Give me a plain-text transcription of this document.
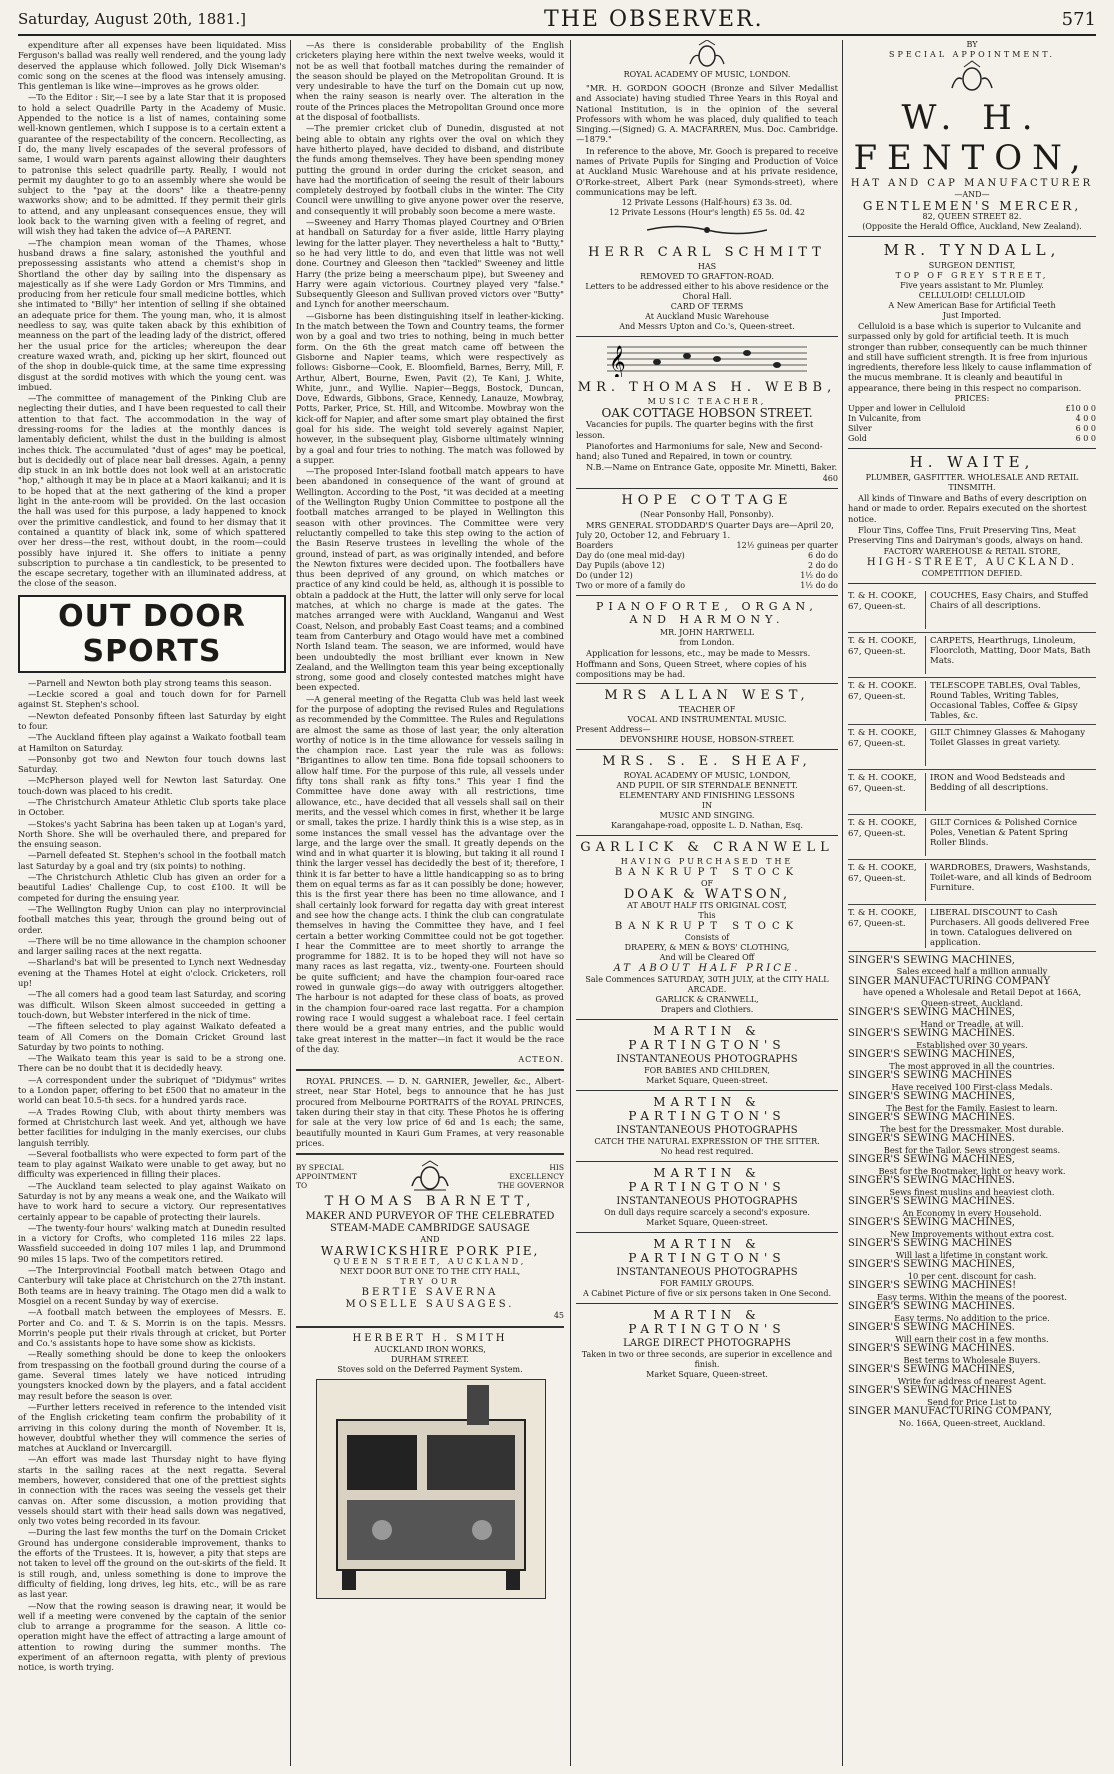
Saturday, August 20th, 1881.]	THE OBSERVER.	571

expenditure after all expenses have been liquidated. Miss Ferguson's ballad was really well rendered, and the young lady deserved the applause which followed. Jolly Dick Wiseman's comic song on the scenes at the flood was intensely amusing. This gentleman is like wine—improves as he grows older.

—To the Editor : Sir,—I see by a late Star that it is proposed to hold a select Quadrille Party in the Academy of Music. Appended to the notice is a list of names, containing some well-known gentlemen, which I suppose is to a certain extent a guarantee of the respectability of the concern. Recollecting, as I do, the many lively escapades of the several professors of same, I would warn parents against allowing their daughters to patronise this select quadrille party. Really, I would not permit my daughter to go to an assembly where she would be subject to the "pay at the doors" like a theatre-penny waxworks show; and to be admitted. If they permit their girls to attend, and any unpleasant consequences ensue, they will look back to the warning given with a feeling of regret, and will wish they had taken the advice of—A PARENT.

—The champion mean woman of the Thames, whose husband draws a fine salary, astonished the youthful and prepossessing assistants who attend a chemist's shop in Shortland the other day by sailing into the dispensary as majestically as if she were Lady Gordon or Mrs Timmins, and producing from her reticule four small medicine bottles, which she intimated to "Billy" her intention of selling if she obtained an adequate price for them. The young man, who, it is almost needless to say, was quite taken aback by this exhibition of meanness on the part of the leading lady of the district, offered her the usual price for the articles; whereupon the dear creature waxed wrath, and, picking up her skirt, flounced out of the shop in double-quick time, at the same time expressing disgust at the sordid motives with which the young cent. was imbued.

—The committee of management of the Pinking Club are neglecting their duties, and I have been requested to call their attention to that fact. The accommodation in the way of dressing-rooms for the ladies at the monthly dances is lamentably deficient, whilst the dust in the building is almost inches thick. The accumulated "dust of ages" may be poetical, but is decidedly out of place near ball dresses. Again, a penny dip stuck in an ink bottle does not look well at an aristocratic "hop," although it may be in place at a Maori kaikanui; and it is to be hoped that at the next gathering of the kind a proper light in the ante-room will be provided. On the last occasion the hall was used for this purpose, a lady happened to knock over the primitive candlestick, and found to her dismay that it contained a quantity of black ink, some of which spattered over her dress—the rest, without doubt, in the room—could possibly have injured it. She offers to initiate a penny subscription to purchase a tin candlestick, to be presented to the escape secretary, together with an illuminated address, at the close of the season.

OUT DOOR SPORTS

—Parnell and Newton both play strong teams this season.

—Leckie scored a goal and touch down for for Parnell against St. Stephen's school.

—Newton defeated Ponsonby fifteen last Saturday by eight to four.

—The Auckland fifteen play against a Waikato football team at Hamilton on Saturday.

—Ponsonby got two and Newton four touch downs last Saturday.

—McPherson played well for Newton last Saturday. One touch-down was placed to his credit.

—The Christchurch Amateur Athletic Club sports take place in October.

—Stokes's yacht Sabrina has been taken up at Logan's yard, North Shore. She will be overhauled there, and prepared for the ensuing season.

—Parnell defeated St. Stephen's school in the football match last Saturday by a goal and try (six points) to nothing.

—The Christchurch Athletic Club has given an order for a beautiful Ladies' Challenge Cup, to cost £100. It will be competed for during the ensuing year.

—The Wellington Rugby Union can play no interprovincial football matches this year, through the ground being out of order.

—There will be no time allowance in the champion schooner and larger sailing races at the next regatta.

—Sharland's bat will be presented to Lynch next Wednesday evening at the Thames Hotel at eight o'clock. Cricketers, roll up!

—The all comers had a good team last Saturday, and scoring was difficult. Wilson Skeen almost succeeded in getting a touch-down, but Webster interfered in the nick of time.

—The fifteen selected to play against Waikato defeated a team of All Comers on the Domain Cricket Ground last Saturday by two points to nothing.

—The Waikato team this year is said to be a strong one. There can be no doubt that it is decidedly heavy.

—A correspondent under the subriquet of "Didymus" writes to a London paper, offering to bet £500 that no amateur in the world can beat 10.5-th secs. for a hundred yards race.

—A Trades Rowing Club, with about thirty members was formed at Christchurch last week. And yet, although we have better facilities for indulging in the manly exercises, our clubs languish terribly.

—Several footballists who were expected to form part of the team to play against Waikato were unable to get away, but no difficulty was experienced in filling their places.

—The Auckland team selected to play against Waikato on Saturday is not by any means a weak one, and the Waikato will have to work hard to secure a victory. Our representatives certainly appear to be capable of protecting their laurels.

—The twenty-four hours' walking match at Dunedin resulted in a victory for Crofts, who completed 116 miles 22 laps. Wassfield succeeded in doing 107 miles 1 lap, and Drummond 90 miles 15 laps. Two of the competitors retired.

—The Interprovincial Football match between Otago and Canterbury will take place at Christchurch on the 27th instant. Both teams are in heavy training. The Otago men did a walk to Mosgiel on a recent Sunday by way of exercise.

—A football match between the employees of Messrs. E. Porter and Co. and T. & S. Morrin is on the tapis. Messrs. Morrin's people put their rivals through at cricket, but Porter and Co.'s assistants hope to have some show as kickists.

—Really something should be done to keep the onlookers from trespassing on the football ground during the course of a game. Several times lately we have noticed intruding youngsters knocked down by the players, and a fatal accident may result before the season is over.

—Further letters received in reference to the intended visit of the English cricketing team confirm the probability of it arriving in this colony during the month of November. It is, however, doubtful whether they will commence the series of matches at Auckland or Invercargill.

—An effort was made last Thursday night to have flying starts in the sailing races at the next regatta. Several members, however, considered that one of the prettiest sights in connection with the races was seeing the vessels get their canvas on. After some discussion, a motion providing that vessels should start with their head sails down was negatived, only two votes being recorded in its favour.

—During the last few months the turf on the Domain Cricket Ground has undergone considerable improvement, thanks to the efforts of the Trustees. It is, however, a pity that steps are not taken to level off the ground on the out-skirts of the field. It is still rough, and, unless something is done to improve the difficulty of fielding, long drives, leg hits, etc., will be as rare as last year.

—Now that the rowing season is drawing near, it would be well if a meeting were convened by the captain of the senior club to arrange a programme for the season. A little co-operation might have the effect of attracting a large amount of attention to rowing during the summer months. The experiment of an afternoon regatta, with plenty of previous notice, is worth trying.

—As there is considerable probability of the English cricketers playing here within the next twelve weeks, would it not be as well that football matches during the remainder of the season should be played on the Metropolitan Ground. It is very undesirable to have the turf on the Domain cut up now, when the rainy season is nearly over. The alteration in the route of the Princes places the Metropolitan Ground once more at the disposal of footballists.

—The premier cricket club of Dunedin, disgusted at not being able to obtain any rights over the oval on which they have hitherto played, have decided to disband, and distribute the funds among themselves. They have been spending money putting the ground in order during the cricket season, and have had the mortification of seeing the result of their labours completely destroyed by football clubs in the winter. The City Council were unwilling to give anyone power over the reserve, and consequently it will probably soon become a mere waste.

—Sweeney and Harry Thomas played Courtney and O'Brien at handball on Saturday for a fiver aside, little Harry playing lewing for the latter player. They nevertheless a halt to "Butty," so he had very little to do, and even that little was not well done. Courtney and Gleeson then "tackled" Sweeney and little Harry (the prize being a meerschaum pipe), but Sweeney and Harry were again victorious. Courtney played very "false." Subsequently Gleeson and Sullivan proved victors over "Butty" and Lynch for another meerschaum.

—Gisborne has been distinguishing itself in leather-kicking. In the match between the Town and Country teams, the former won by a goal and two tries to nothing, being in much better form. On the 6th the great match came off between the Gisborne and Napier teams, which were respectively as follows: Gisborne—Cook, E. Bloomfield, Barnes, Berry, Mill, F. Arthur, Albert, Bourne, Ewen, Pavit (2), Te Kani, J. White, White, junr., and Wyllie. Napier—Beggs, Bostock, Duncan, Dove, Edwards, Gibbons, Grace, Kennedy, Lanauze, Mowbray, Potts, Parker, Price, St. Hill, and Witcombe. Mowbray won the kick-off for Napier, and after some smart play obtained the first goal for his side. The weight told severely against Napier, however, in the subsequent play, Gisborne ultimately winning by a goal and four tries to nothing. The match was followed by a supper.

—The proposed Inter-Island football match appears to have been abandoned in consequence of the want of ground at Wellington. According to the Post, "it was decided at a meeting of the Wellington Rugby Union Committee to postpone all the football matches arranged to be played in Wellington this season with other provinces. The Committee were very reluctantly compelled to take this step owing to the action of the Basin Reserve trustees in levelling the whole of the ground, instead of part, as was originally intended, and before the Newton fixtures were decided upon. The footballers have thus been deprived of any ground, on which matches or practice of any kind could be held, as, although it is possible to obtain a paddock at the Hutt, the latter will only serve for local matches, at which no charge is made at the gates. The matches arranged were with Auckland, Wanganui and West Coast, Nelson, and probably East Coast teams; and a combined team from Canterbury and Otago would have met a combined North Island team. The season, we are informed, would have been undoubtedly the most brilliant ever known in New Zealand, and the Wellington team this year being exceptionally strong, some good and closely contested matches might have been expected.

—A general meeting of the Regatta Club was held last week for the purpose of adopting the revised Rules and Regulations as recommended by the Committee. The Rules and Regulations are almost the same as those of last year, the only alteration worthy of notice is in the time allowance for vessels sailing in the champion race. Last year the rule was as follows: "Brigantines to allow ten time. Bona fide topsail schooners to allow half time. For the purpose of this rule, all vessels under fifty tons shall rank as fifty tons." This year I find the Committee have done away with all restrictions, time allowance, etc., have decided that all vessels shall sail on their merits, and the vessel which comes in first, whether it be large or small, takes the prize. I hardly think this is a wise step, as in some instances the small vessel has the advantage over the large, and the large over the small. It greatly depends on the wind and in what quarter it is blowing, but taking it all round I think the larger vessel has decidedly the best of it; therefore, I think it is far better to have a little handicapping so as to bring them on equal terms as far as it can possibly be done; however, this is the first year there has been no time allowance, and I shall certainly look forward for regatta day with great interest and see how the change acts. I think the club can congratulate themselves in having the Committee they have, and I feel certain a better working Committee could not be got together. I hear the Committee are to meet shortly to arrange the programme for 1882. It is to be hoped they will not have so many races as last regatta, viz., twenty-one. Fourteen should be quite sufficient; and have the champion four-oared race rowed in gunwale gigs—do away with outriggers altogether. The harbour is not adapted for these class of boats, as proved in the champion four-oared race last regatta. For a champion rowing race I would suggest a whaleboat race. I feel certain there would be a great many entries, and the public would take great interest in the matter—in fact it would be the race of the day.

ACTEON.

ROYAL PRINCES. — D. N. GARNIER, Jeweller, &c., Albert-street, near Star Hotel, begs to announce that he has just procured from Melbourne PORTRAITS of the ROYAL PRINCES, taken during their stay in that city. These Photos he is offering for sale at the very low price of 6d and 1s each; the same, beautifully mounted in Kauri Gum Frames, at very reasonable prices.

BY SPECIAL APPOINTMENT TO
HIS EXCELLENCY THE GOVERNOR
THOMAS BARNETT,
MAKER AND PURVEYOR OF THE CELEBRATED
STEAM-MADE CAMBRIDGE SAUSAGE
AND
WARWICKSHIRE PORK PIE,
QUEEN STREET, AUCKLAND,
NEXT DOOR BUT ONE TO THE CITY HALL,
TRY OUR
BERTIE SAVERNA
MOSELLE SAUSAGES.
45
HERBERT H. SMITH
AUCKLAND IRON WORKS,
DURHAM STREET.
Stoves sold on the Deferred Payment System.
ROYAL ACADEMY OF MUSIC, LONDON.

"MR. H. GORDON GOOCH (Bronze and Silver Medallist and Associate) having studied Three Years in this Royal and National Institution, is in the opinion of the several Professors with whom he was placed, duly qualified to teach Singing.—(Signed) G. A. MACFARREN, Mus. Doc. Cambridge.—1879."

In reference to the above, Mr. Gooch is prepared to receive names of Private Pupils for Singing and Production of Voice at Auckland Music Warehouse and at his private residence, O'Rorke-street, Albert Park (near Symonds-street), where communications may be left.

12 Private Lessons (Half-hours) £3 3s. 0d.
12 Private Lessons (Hour's length) £5 5s. 0d. 42
HERR CARL SCHMITT
HAS
REMOVED TO GRAFTON-ROAD.
Letters to be addressed either to his above residence or the Choral Hall.
CARD OF TERMS
At Auckland Music Warehouse
And Messrs Upton and Co.'s, Queen-street.
𝄞
MR. THOMAS H. WEBB,
MUSIC TEACHER,
OAK COTTAGE HOBSON STREET.

Vacancies for pupils. The quarter begins with the first lesson.

Pianofortes and Harmoniums for sale, New and Second-hand; also Tuned and Repaired, in town or country.

N.B.—Name on Entrance Gate, opposite Mr. Minetti, Baker.

460
HOPE COTTAGE
(Near Ponsonby Hall, Ponsonby).

MRS GENERAL STODDARD'S Quarter Days are—April 20, July 20, October 12, and February 1.

Boarders	12½ guineas per quarter
Day do (one meal mid-day)	6 do do
Day Pupils (above 12)	2 do do
Do (under 12)	1½ do do
Two or more of a family do	1½ do do
PIANOFORTE, ORGAN, AND HARMONY.
MR. JOHN HARTWELL
from London.

Application for lessons, etc., may be made to Messrs. Hoffmann and Sons, Queen Street, where copies of his compositions may be had.

MRS ALLAN WEST,
TEACHER OF
VOCAL AND INSTRUMENTAL MUSIC.
Present Address—
DEVONSHIRE HOUSE, HOBSON-STREET.
MRS. S. E. SHEAF,
ROYAL ACADEMY OF MUSIC, LONDON,
AND PUPIL OF SIR STERNDALE BENNETT.
ELEMENTARY AND FINISHING LESSONS
IN
MUSIC AND SINGING.
Karangahape-road, opposite L. D. Nathan, Esq.
GARLICK & CRANWELL
HAVING PURCHASED THE
BANKRUPT STOCK
OF
DOAK & WATSON,
AT ABOUT HALF ITS ORIGINAL COST,
This
BANKRUPT STOCK
Consists of
DRAPERY, & MEN & BOYS' CLOTHING,
And will be Cleared Off
AT ABOUT HALF PRICE.
Sale Commences SATURDAY, 30TH JULY, at the CITY HALL ARCADE.
GARLICK & CRANWELL,
Drapers and Clothiers.
MARTIN & PARTINGTON'S
INSTANTANEOUS PHOTOGRAPHS
FOR BABIES AND CHILDREN,
Market Square, Queen-street.
MARTIN & PARTINGTON'S
INSTANTANEOUS PHOTOGRAPHS
CATCH THE NATURAL EXPRESSION OF THE SITTER.
No head rest required.
MARTIN & PARTINGTON'S
INSTANTANEOUS PHOTOGRAPHS
On dull days require scarcely a second's exposure.
Market Square, Queen-street.
MARTIN & PARTINGTON'S
INSTANTANEOUS PHOTOGRAPHS
FOR FAMILY GROUPS.
A Cabinet Picture of five or six persons taken in One Second.
MARTIN & PARTINGTON'S
LARGE DIRECT PHOTOGRAPHS
Taken in two or three seconds, are superior in excellence and finish.
Market Square, Queen-street.
BY
SPECIAL APPOINTMENT.
W. H. FENTON,
HAT AND CAP MANUFACTURER
—AND—
GENTLEMEN'S MERCER,
82, QUEEN STREET 82.
(Opposite the Herald Office, Auckland, New Zealand).
MR. TYNDALL,
SURGEON DENTIST,
TOP OF GREY STREET,
Five years assistant to Mr. Plumley.
CELLULOID! CELLULOID
A New American Base for Artificial Teeth
Just Imported.

Celluloid is a base which is superior to Vulcanite and surpassed only by gold for artificial teeth. It is much stronger than rubber, consequently can be much thinner and still have sufficient strength. It is free from injurious ingredients, therefore less likely to cause inflammation of the mucus membrane. It is cleanly and beautiful in appearance, there being in this respect no comparison.

PRICES:
Upper and lower in Celluloid	£10 0 0
In Vulcanite, from	4 0 0
Silver	6 0 0
Gold	6 0 0
H. WAITE,
PLUMBER, GASFITTER. WHOLESALE AND RETAIL TINSMITH.

All kinds of Tinware and Baths of every description on hand or made to order. Repairs executed on the shortest notice.

Flour Tins, Coffee Tins, Fruit Preserving Tins, Meat Preserving Tins and Dairyman's goods, always on hand.

FACTORY WAREHOUSE & RETAIL STORE,
HIGH-STREET, AUCKLAND.
COMPETITION DEFIED.
T. & H. COOKE, 67, Queen-st.
COUCHES, Easy Chairs, and Stuffed Chairs of all descriptions.
T. & H. COOKE, 67, Queen-st.
CARPETS, Hearthrugs, Linoleum, Floorcloth, Matting, Door Mats, Bath Mats.
T. & H. COOKE. 67, Queen-st.
TELESCOPE TABLES, Oval Tables, Round Tables, Writing Tables, Occasional Tables, Coffee & Gipsy Tables, &c.
T. & H. COOKE, 67, Queen-st.
GILT Chimney Glasses & Mahogany Toilet Glasses in great variety.
T. & H. COOKE, 67, Queen-st.
IRON and Wood Bedsteads and Bedding of all descriptions.
T. & H. COOKE, 67, Queen-st.
GILT Cornices & Polished Cornice Poles, Venetian & Patent Spring Roller Blinds.
T. & H. COOKE, 67, Queen-st.
WARDROBES, Drawers, Washstands, Toilet-ware, and all kinds of Bedroom Furniture.
T. & H. COOKE, 67, Queen-st.
LIBERAL DISCOUNT to Cash Purchasers. All goods delivered Free in town. Catalogues delivered on application.
SINGER'S SEWING MACHINES,
Sales exceed half a million annually
SINGER MANUFACTURING COMPANY
have opened a Wholesale and Retail Depot at 166A, Queen-street, Auckland.
SINGER'S SEWING MACHINES,
Hand or Treadle, at will.
SINGER'S SEWING MACHINES.
Established over 30 years.
SINGER'S SEWING MACHINES,
The most approved in all the countries.
SINGER'S SEWING MACHINES
Have received 100 First-class Medals.
SINGER'S SEWING MACHINES,
The Best for the Family. Easiest to learn.
SINGER'S SEWING MACHINES.
The best for the Dressmaker. Most durable.
SINGER'S SEWING MACHINES.
Best for the Tailor. Sews strongest seams.
SINGER'S SEWING MACHINES,
Best for the Bootmaker, light or heavy work.
SINGER'S SEWING MACHINES.
Sews finest muslins and heaviest cloth.
SINGER'S SEWING MACHINES.
An Economy in every Household.
SINGER'S SEWING MACHINES,
New Improvements without extra cost.
SINGER'S SEWING MACHINES
Will last a lifetime in constant work.
SINGER'S SEWING MACHINES,
10 per cent. discount for cash.
SINGER'S SEWING MACHINES!
Easy terms. Within the means of the poorest.
SINGER'S SEWING MACHINES.
Easy terms. No addition to the price.
SINGER'S SEWING MACHINES.
Will earn their cost in a few months.
SINGER'S SEWING MACHINES.
Best terms to Wholesale Buyers.
SINGER'S SEWING MACHINES,
Write for address of nearest Agent.
SINGER'S SEWING MACHINES
Send for Price List to
SINGER MANUFACTURING COMPANY,
No. 166A, Queen-street, Auckland.
